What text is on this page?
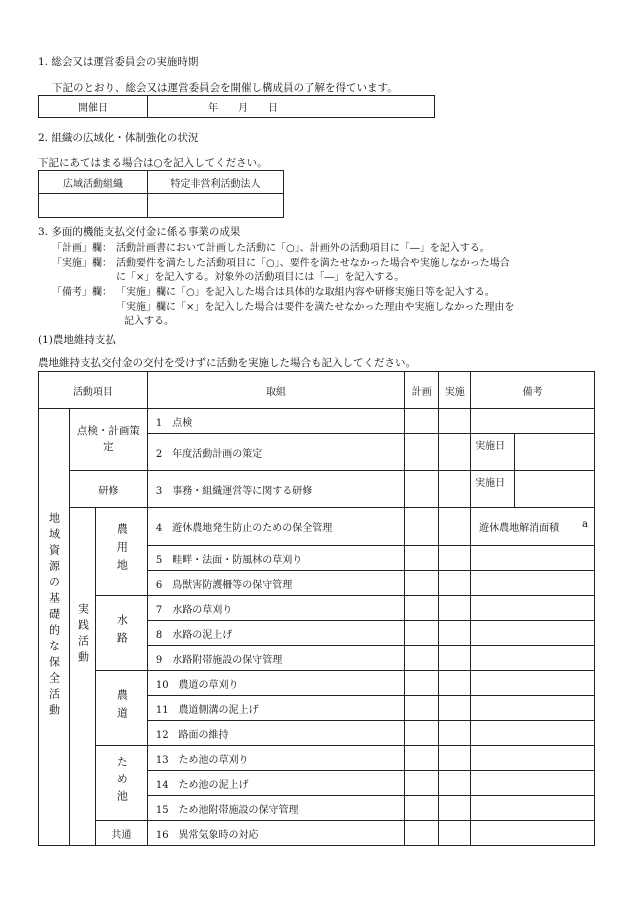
1. 総会又は運営委員会の実施時期
下記のとおり、総会又は運営委員会を開催し構成員の了解を得ています。
開催日	年　　月　　日
2. 組織の広域化・体制強化の状況
下記にあてはまる場合は○を記入してください。
広域活動組織	特定非営利活動法人

3. 多面的機能支払交付金に係る事業の成果
「計画」欄： 活動計画書において計画した活動に「○」、計画外の活動項目に「―」を記入する。
「実施」欄： 活動要件を満たした活動項目に「○」、要件を満たせなかった場合や実施しなかった場合
に「×」を記入する。対象外の活動項目には「―」を記入する。
「備考」欄： 「実施」欄に「○」を記入した場合は具体的な取組内容や研修実施日等を記入する。
「実施」欄に「×」を記入した場合は要件を満たせなかった理由や実施しなかった理由を
記入する。
(1)農地維持支払
農地維持支払交付金の交付を受けずに活動を実施した場合も記入してください。
活動項目			取組	計画	実施	備考	
地域資源の基礎的な保全活動	点検・計画策定		1　点検				
			2　年度活動計画の策定			実施日	
	研修		3　事務・組織運営等に関する研修			実施日	
	実践活動	農用地	4　遊休農地発生防止のための保全管理			遊休農地解消面積 a	

			5　畦畔・法面・防風林の草刈り				
			6　鳥獣害防護柵等の保守管理				
		水路	7　水路の草刈り				
			8　水路の泥上げ				
			9　水路附帯施設の保守管理				
		農道	10　農道の草刈り				
			11　農道側溝の泥上げ				
			12　路面の維持				
		ため池	13　ため池の草刈り				
			14　ため池の泥上げ				
			15　ため池附帯施設の保守管理				
		共通	16　異常気象時の対応				
